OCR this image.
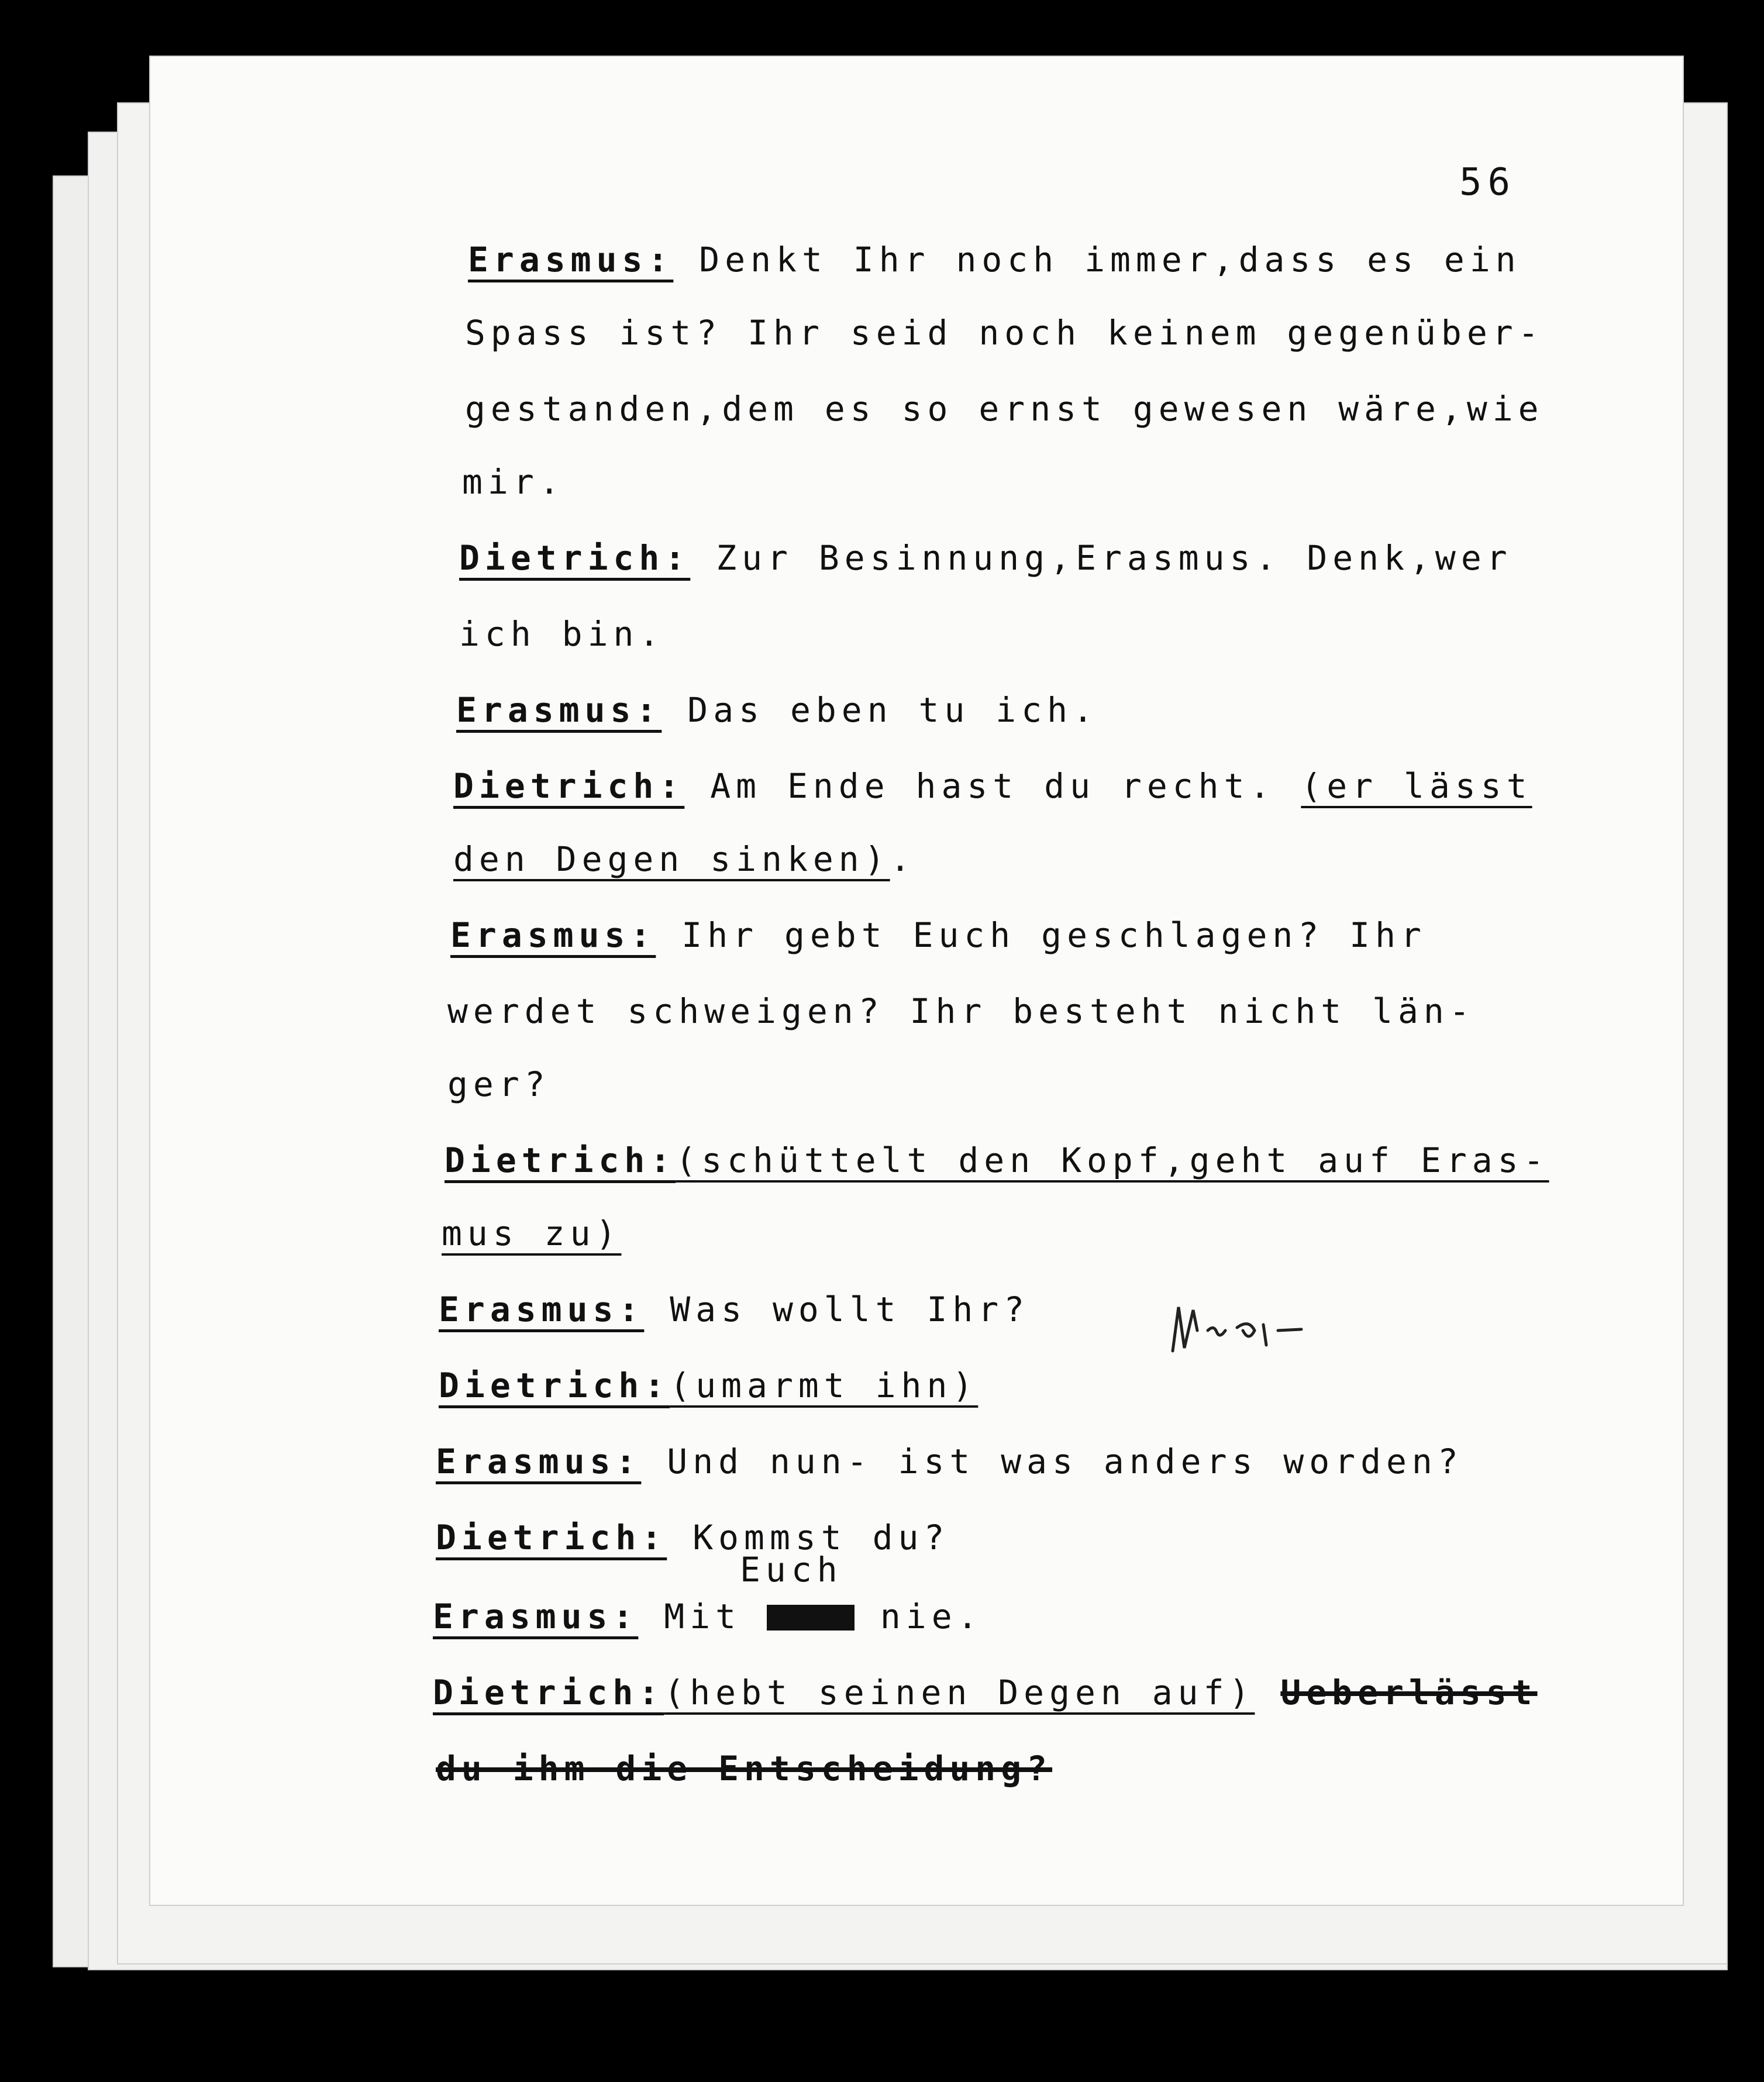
56
Erasmus: Denkt Ihr noch immer,dass es ein
Spass ist? Ihr seid noch keinem gegenüber-
gestanden,dem es so ernst gewesen wäre,wie
mir.
Dietrich: Zur Besinnung,Erasmus. Denk,wer
ich bin.
Erasmus: Das eben tu ich.
Dietrich: Am Ende hast du recht. (er lässt
den Degen sinken).
Erasmus: Ihr gebt Euch geschlagen? Ihr
werdet schweigen? Ihr besteht nicht län-
ger?
Dietrich:(schüttelt den Kopf,geht auf Eras-
mus zu)
Erasmus: Was wollt Ihr?
Dietrich:(umarmt ihn)
Erasmus: Und nun- ist was anders worden?
Dietrich: Kommst du?
Euch
Erasmus: Mit	nie.
Dietrich:(hebt seinen Degen auf) Ueberlässt
du ihm die Entscheidung?
